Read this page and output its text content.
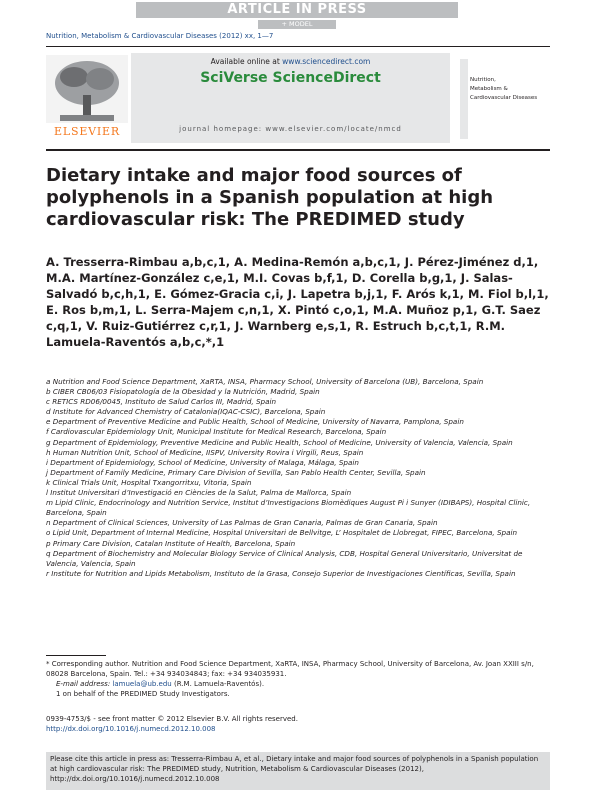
ARTICLE IN PRESS
+ MODEL
Nutrition, Metabolism & Cardiovascular Diseases (2012) xx, 1—7
ELSEVIER
Available online at www.sciencedirect.com
SciVerse ScienceDirect
journal homepage: www.elsevier.com/locate/nmcd
Nutrition,
Metabolism &
Cardiovascular Diseases
Dietary intake and major food sources of polyphenols in a Spanish population at high cardiovascular risk: The PREDIMED study
A. Tresserra-Rimbau a,b,c,1, A. Medina-Remón a,b,c,1, J. Pérez-Jiménez d,1, M.A. Martínez-González c,e,1, M.I. Covas b,f,1, D. Corella b,g,1, J. Salas-Salvadó b,c,h,1, E. Gómez-Gracia c,i, J. Lapetra b,j,1, F. Arós k,1, M. Fiol b,l,1, E. Ros b,m,1, L. Serra-Majem c,n,1, X. Pintó c,o,1, M.A. Muñoz p,1, G.T. Saez c,q,1, V. Ruiz-Gutiérrez c,r,1, J. Warnberg e,s,1, R. Estruch b,c,t,1, R.M. Lamuela-Raventós a,b,c,*,1
a Nutrition and Food Science Department, XaRTA, INSA, Pharmacy School, University of Barcelona (UB), Barcelona, Spain
b CIBER CB06/03 Fisiopatología de la Obesidad y la Nutrición, Madrid, Spain
c RETICS RD06/0045, Instituto de Salud Carlos III, Madrid, Spain
d Institute for Advanced Chemistry of Catalonia(IQAC-CSIC), Barcelona, Spain
e Department of Preventive Medicine and Public Health, School of Medicine, University of Navarra, Pamplona, Spain
f Cardiovascular Epidemiology Unit, Municipal Institute for Medical Research, Barcelona, Spain
g Department of Epidemiology, Preventive Medicine and Public Health, School of Medicine, University of Valencia, Valencia, Spain
h Human Nutrition Unit, School of Medicine, IISPV, University Rovira i Virgili, Reus, Spain
i Department of Epidemiology, School of Medicine, University of Malaga, Málaga, Spain
j Department of Family Medicine, Primary Care Division of Sevilla, San Pablo Health Center, Sevilla, Spain
k Clinical Trials Unit, Hospital Txangorritxu, Vitoria, Spain
l Institut Universitari d’Investigació en Ciències de la Salut, Palma de Mallorca, Spain
m Lipid Clinic, Endocrinology and Nutrition Service, Institut d’Investigacions Biomèdiques August Pi i Sunyer (IDIBAPS), Hospital Clinic, Barcelona, Spain
n Department of Clinical Sciences, University of Las Palmas de Gran Canaria, Palmas de Gran Canaria, Spain
o Lipid Unit, Department of Internal Medicine, Hospital Universitari de Bellvitge, L’ Hospitalet de Llobregat, FIPEC, Barcelona, Spain
p Primary Care Division, Catalan Institute of Health, Barcelona, Spain
q Department of Biochemistry and Molecular Biology Service of Clinical Analysis, CDB, Hospital General Universitario, Universitat de Valencia, Valencia, Spain
r Institute for Nutrition and Lipids Metabolism, Instituto de la Grasa, Consejo Superior de Investigaciones Científicas, Sevilla, Spain
* Corresponding author. Nutrition and Food Science Department, XaRTA, INSA, Pharmacy School, University of Barcelona, Av. Joan XXIII s/n, 08028 Barcelona, Spain. Tel.: +34 934034843; fax: +34 934035931.
E-mail address: lamuela@ub.edu (R.M. Lamuela-Raventós).
1 on behalf of the PREDIMED Study Investigators.
0939-4753/$ - see front matter © 2012 Elsevier B.V. All rights reserved.
http://dx.doi.org/10.1016/j.numecd.2012.10.008
Please cite this article in press as: Tresserra-Rimbau A, et al., Dietary intake and major food sources of polyphenols in a Spanish population at high cardiovascular risk: The PREDIMED study, Nutrition, Metabolism & Cardiovascular Diseases (2012), http://dx.doi.org/10.1016/j.numecd.2012.10.008
